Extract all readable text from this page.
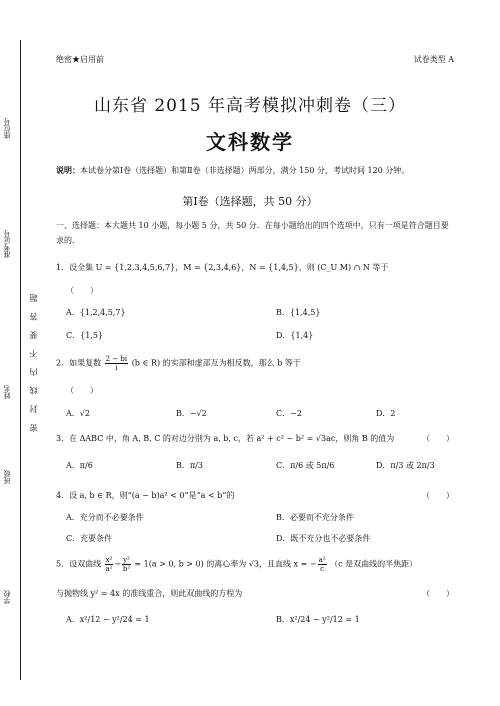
座位号
准考证号
姓名
班级
学校
密 封 线 内 不 要 答 题
绝密★启用前	试卷类型 A
山东省 2015 年高考模拟冲刺卷（三）
文科数学
说明：本试卷分第Ⅰ卷（选择题）和第Ⅱ卷（非选择题）两部分，满分 150 分，考试时间 120 分钟。
第Ⅰ卷（选择题，共 50 分）
一、选择题：本大题共 10 小题，每小题 5 分，共 50 分．在每小题给出的四个选项中，只有一项是符合题目要求的．
1．设全集 U = {1,2,3,4,5,6,7}，M = {2,3,4,6}，N = {1,4,5}，则 (C_U M) ∩ N 等于
（　　）
A．{1,2,4,5,7}	B．{1,4,5}
C．{1,5}	D．{1,4}
2．如果复数 $\frac{2 - bi}{i} (b$ ∈ R) 的实部和虚部互为相反数，那么 b 等于
（　　）
A．√2	B．−√2	C．−2	D．2
3．在 ΔABC 中，角 A, B, C 的对边分别为 a, b, c，若 a² + c² − b² = √3ac，则角 B 的值为	（　　）
A．π/6	B．π/3	C．π/6 或 5π/6	D．π/3 或 2π/3
4．设 a, b ∈ R，则“(a − b)a² < 0”是“a < b”的	（　　）
A．充分而不必要条件	B．必要而不充分条件
C．充要条件	D．既不充分也不必要条件
5．设双曲线 $\frac{\text{x²}}{\text{a²}} - \frac{\text{y²}}{\text{b²}} = 1(a > 0$, b > 0) 的离心率为 √3，且直线 x = − $\frac{\text{a²}}{c} (c$ 是双曲线的半焦距）
与抛物线 y² = 4x 的准线重合，则此双曲线的方程为	（　　）
A．x²/12 − y²/24 = 1	B．x²/24 − y²/12 = 1
